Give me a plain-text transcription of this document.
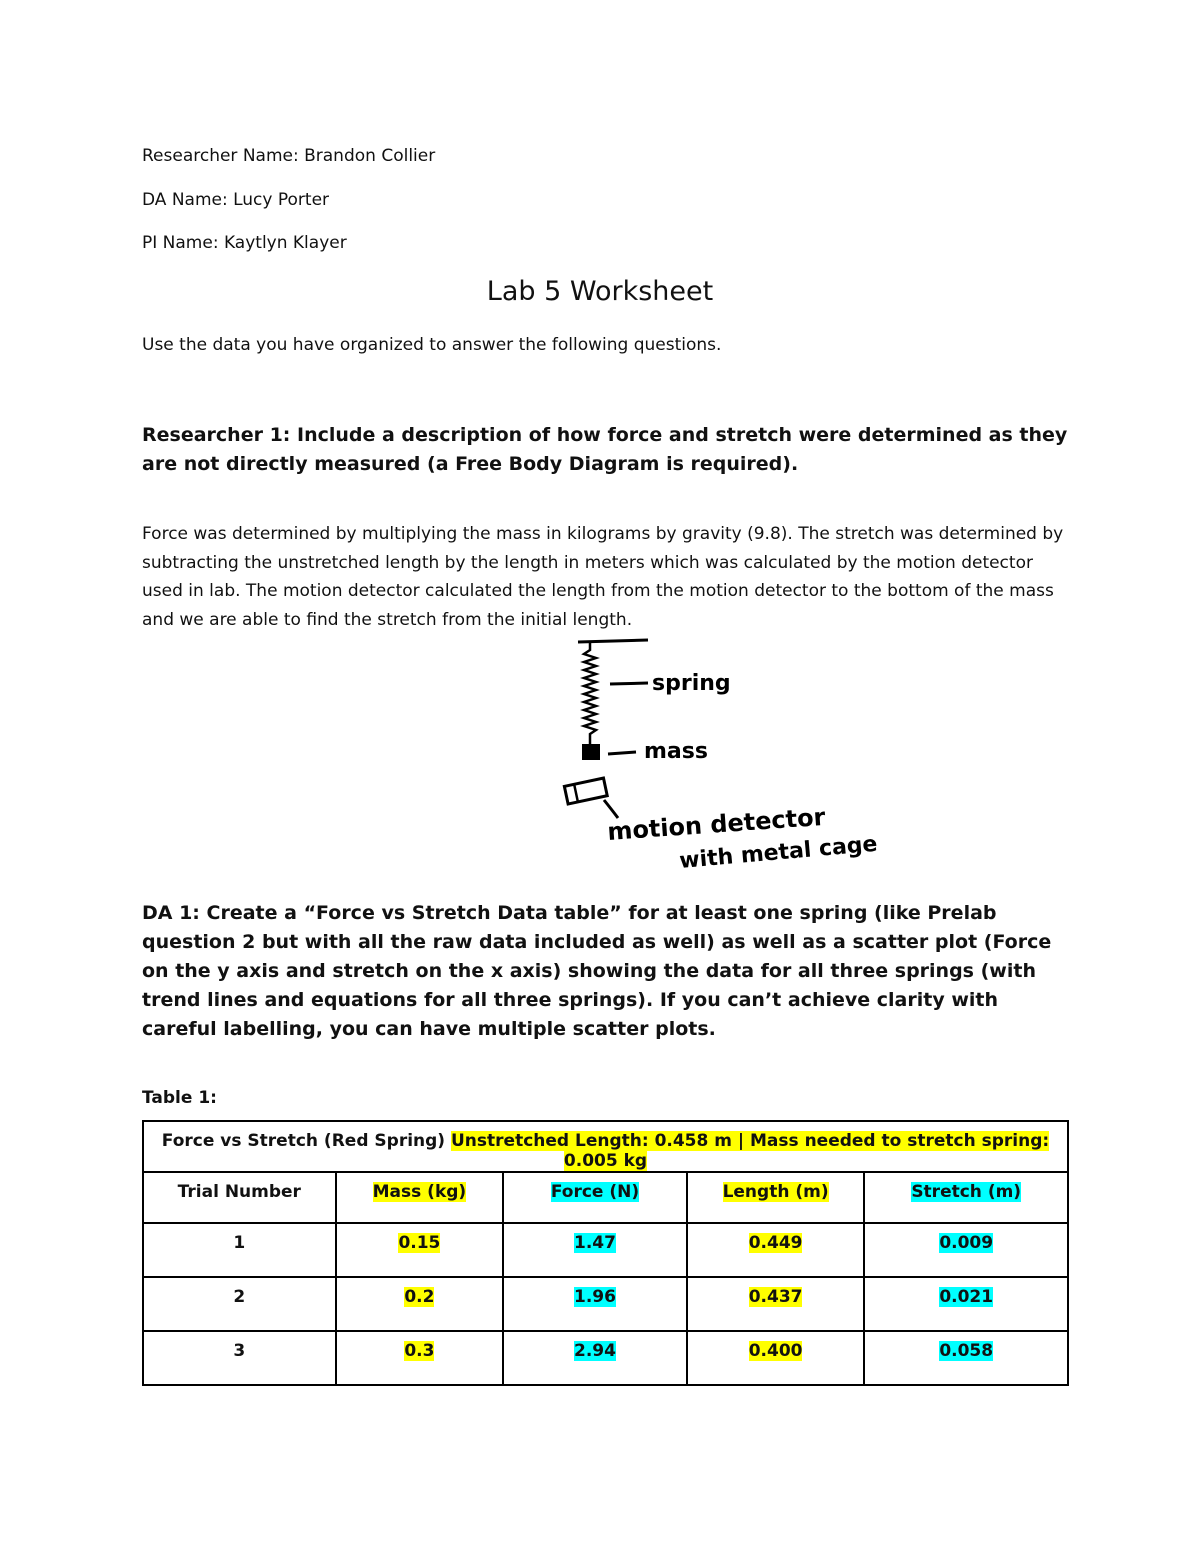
Researcher Name: Brandon Collier
DA Name: Lucy Porter
PI Name: Kaytlyn Klayer
Lab 5 Worksheet
Use the data you have organized to answer the following questions.
Researcher 1: Include a description of how force and stretch were determined as they are not directly measured (a Free Body Diagram is required).
Force was determined by multiplying the mass in kilograms by gravity (9.8). The stretch was determined by subtracting the unstretched length by the length in meters which was calculated by the motion detector used in lab. The motion detector calculated the length from the motion detector to the bottom of the mass and we are able to find the stretch from the initial length.
spring
mass
motion detector
with metal cage
DA 1: Create a “Force vs Stretch Data table” for at least one spring (like Prelab question 2 but with all the raw data included as well) as well as a scatter plot (Force on the y axis and stretch on the x axis) showing the data for all three springs (with trend lines and equations for all three springs). If you can’t achieve clarity with careful labelling, you can have multiple scatter plots.
Table 1:
Force vs Stretch (Red Spring) Unstretched Length: 0.458 m | Mass needed to stretch spring: 0.005 kg				
Trial Number	Mass (kg)	Force (N)	Length (m)	Stretch (m)
1	0.15	1.47	0.449	0.009
2	0.2	1.96	0.437	0.021
3	0.3	2.94	0.400	0.058
